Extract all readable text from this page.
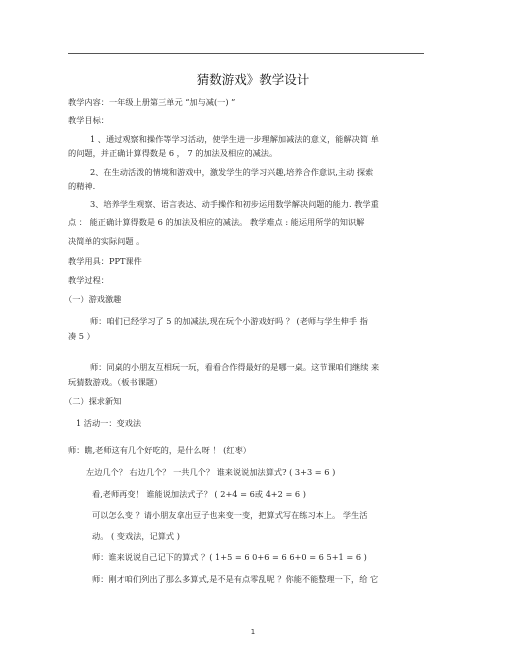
猜数游戏》教学设计
教学内容：一年级上册第三单元 “加与减(一) ”
教学目标：
1 、通过观察和操作等学习活动，使学生进一步理解加减法的意义，能解决简 单
的问题，并正确计算得数是 6 ， 7 的加法及相应的减法。
2、在生动活泼的情境和游戏中，激发学生的学习兴趣,培养合作意识,主动 探索
的精神.
3、培养学生观察、语言表达、动手操作和初步运用数学解决问题的能力. 教学重
点 ： 能正确计算得数是 6 的加法及相应的减法。 教学难点 : 能运用所学的知识解
决简单的实际问题 。
教学用具：PPT课件
教学过程：
（一）游戏激趣
师：咱们已经学习了 5 的加减法,现在玩个小游戏好吗 ？ (老师与学生伸手 指
凑 5 ）
师：同桌的小朋友互相玩一玩，看看合作得最好的是哪一桌。这节课咱们继续 来
玩猜数游戏。（板书课题）
（二）探求新知
1 活动一：变戏法
师：瞧,老师这有几个好吃的，是什么呀 ！ (红枣）
左边几个？ 右边几个？ 一共几个？ 谁来说说加法算式? ( 3+3 = 6 )
看,老师再变！ 谁能说加法式子？ ( 2+4 = 6或 4+2 = 6 )
可以怎么变 ？请小朋友拿出豆子也来变一变，把算式写在练习本上。 学生活
动。 ( 变戏法，记算式 )
师：谁来说说自己记下的算式 ？( 1+5 = 6 0+6 = 6 6+0 = 6 5+1 = 6 )
师：刚才咱们列出了那么多算式,是不是有点零乱呢 ？你能不能整理一下，给 它
1
